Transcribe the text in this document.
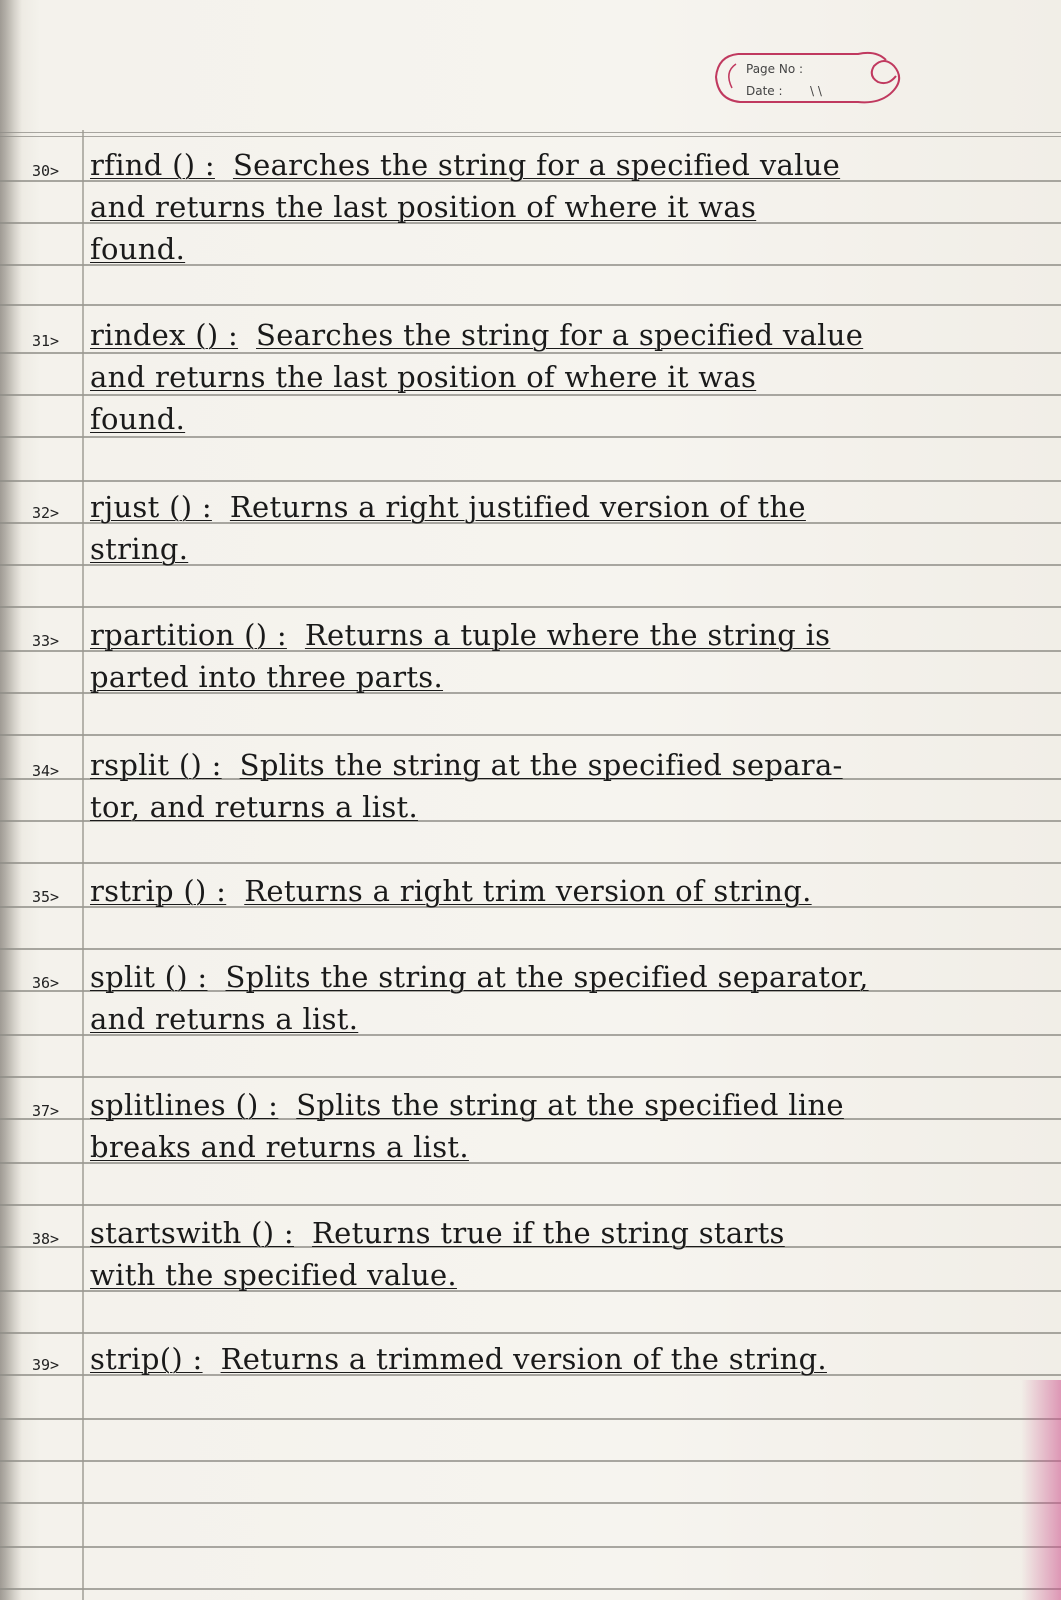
Page No :
Date : \ \
30> rfind () : Searches the string for a specified value
and returns the last position of where it was
found.
31> rindex () : Searches the string for a specified value
and returns the last position of where it was
found.
32> rjust () : Returns a right justified version of the
string.
33> rpartition () : Returns a tuple where the string is
parted into three parts.
34> rsplit () : Splits the string at the specified separa-
tor, and returns a list.
35> rstrip () : Returns a right trim version of string.
36> split () : Splits the string at the specified separator,
and returns a list.
37> splitlines () : Splits the string at the specified line
breaks and returns a list.
38> startswith () : Returns true if the string starts
with the specified value.
39> strip() : Returns a trimmed version of the string.
